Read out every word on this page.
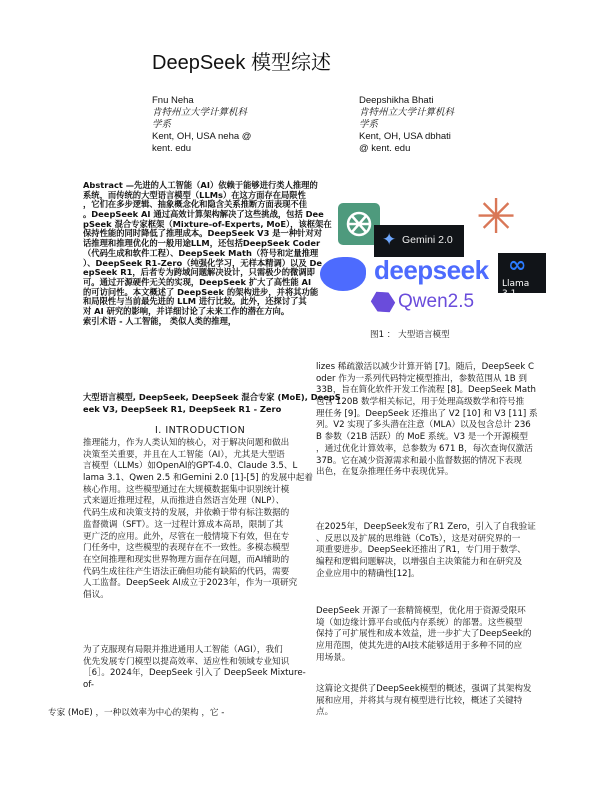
DeepSeek 模型综述
Fnu Neha
肯特州立大学计算机科
学系
Kent, OH, USA neha @
kent. edu
Deepshikha Bhati
肯特州立大学计算机科
学系
Kent, OH, USA dbhati
@ kent. edu
Abstract —先进的人工智能（AI）依赖于能够进行类人推理的
系统，而传统的大型语言模型（LLMs）在这方面存在局限性
，它们在多步逻辑、抽象概念化和隐含关系推断方面表现不佳
。DeepSeek AI 通过高效计算架构解决了这些挑战，包括 Dee
pSeek 混合专家框架（Mixture-of-Experts, MoE），该框架在
保持性能的同时降低了推理成本。DeepSeek V3 是一种针对对
话推理和推理优化的一般用途LLM，还包括DeepSeek Coder
（代码生成和软件工程）、DeepSeek Math（符号和定量推理
）、DeepSeek R1-Zero（纯强化学习，无样本精调）以及 De
epSeek R1，后者专为跨域问题解决设计，只需极少的微调即
可。通过开源硬件无关的实现，DeepSeek 扩大了高性能 AI
的可访问性。本文概述了 DeepSeek 的架构进步，并将其功能
和局限性与当前最先进的 LLM 进行比较。此外，还探讨了其
对 AI 研究的影响，并详细讨论了未来工作的潜在方向。
索引术语 - 人工智能， 类似人类的推理，
大型语言模型, DeepSeek, DeepSeek 混合专家 (MoE), DeepS
eek V3, DeepSeek R1, DeepSeek R1 - Zero
I. INTRODUCTION
推理能力，作为人类认知的核心，对于解决问题和做出
决策至关重要，并且在人工智能（AI），尤其是大型语
言模型（LLMs）如OpenAI的GPT-4.0、Claude 3.5、L
lama 3.1、Qwen 2.5 和Gemini 2.0 [1]-[5] 的发展中起着
核心作用。这些模型通过在大规模数据集中识别统计模
式来逼近推理过程，从而推进自然语言处理（NLP）、
代码生成和决策支持的发展，并依赖于带有标注数据的
监督微调（SFT）。这一过程计算成本高昂，限制了其
更广泛的应用。此外，尽管在一般情境下有效，但在专
门任务中，这些模型的表现存在不一致性。多模态模型
在空间推理和现实世界物理方面存在问题，而AI辅助的
代码生成往往产生语法正确但功能有缺陷的代码，需要
人工监督。DeepSeek AI成立于2023年，作为一项研究
倡议。
为了克服现有局限并推进通用人工智能（AGI），我们
优先发展专门模型以提高效率、适应性和领域专业知识
［6］。2024年，DeepSeek 引入了 DeepSeek Mixture-
of-
专家 (MoE) ，一种以效率为中心的架构 ，它 -
✦ Gemini 2.0 ✳
deepseek ∞
Llama 3.1
Qwen2.5
图1 ： 大型语言模型
lizes 稀疏激活以减少计算开销 [7]。随后，DeepSeek C
oder 作为一系列代码特定模型推出，参数范围从 1B 到
33B，旨在简化软件开发工作流程 [8]。DeepSeek Math
包含 120B 数学相关标记，用于处理高级数学和符号推
理任务 [9]。DeepSeek 还推出了 V2 [10] 和 V3 [11] 系
列。V2 实现了多头潜在注意（MLA）以及包含总计 236
B 参数（21B 活跃）的 MoE 系统。V3 是一个开源模型
，通过优化计算效率，总参数为 671 B，每次查询仅激活
37B。它在减少资源需求和最小监督数据的情况下表现
出色，在复杂推理任务中表现优异。
在2025年，DeepSeek发布了R1 Zero，引入了自我验证
、反思以及扩展的思维链（CoTs），这是对研究界的一
项重要进步。DeepSeek还推出了R1，专门用于数学、
编程和逻辑问题解决，以增强自主决策能力和在研究及
企业应用中的精确性[12]。
DeepSeek 开源了一套精简模型，优化用于资源受限环
境（如边缘计算平台或低内存系统）的部署。这些模型
保持了可扩展性和成本效益，进一步扩大了DeepSeek的
应用范围，使其先进的AI技术能够适用于多种不同的应
用场景。
这篇论文提供了DeepSeek模型的概述，强调了其架构发
展和应用，并将其与现有模型进行比较，概述了关键特
点。
